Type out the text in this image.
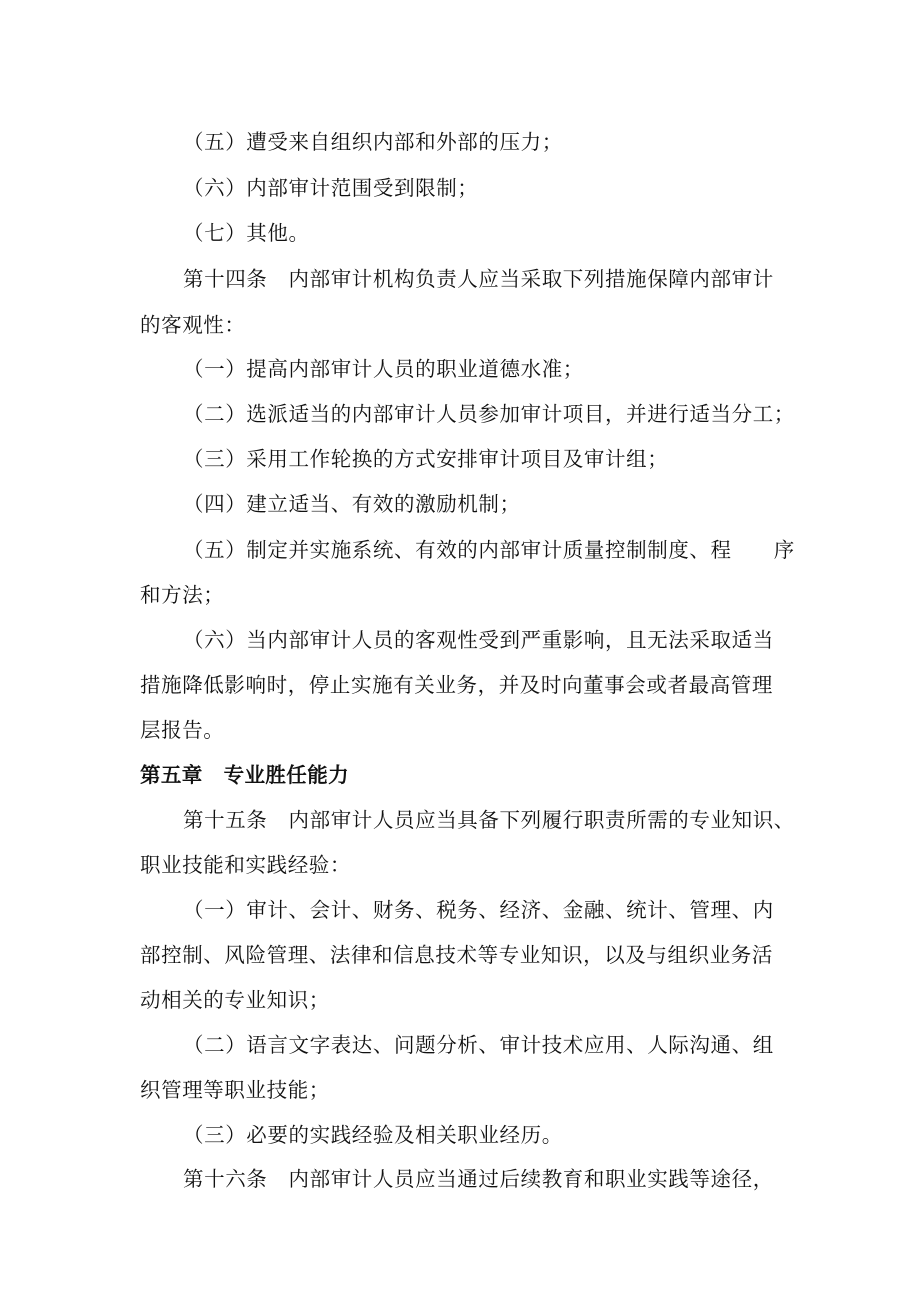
（五）遭受来自组织内部和外部的压力；
（六）内部审计范围受到限制；
（七）其他。
第十四条　内部审计机构负责人应当采取下列措施保障内部审计
的客观性：
（一）提高内部审计人员的职业道德水准；
（二）选派适当的内部审计人员参加审计项目，并进行适当分工；
（三）采用工作轮换的方式安排审计项目及审计组；
（四）建立适当、有效的激励机制；
（五）制定并实施系统、有效的内部审计质量控制制度、程　　序
和方法；
（六）当内部审计人员的客观性受到严重影响，且无法采取适当
措施降低影响时，停止实施有关业务，并及时向董事会或者最高管理
层报告。
第五章　专业胜任能力
第十五条　内部审计人员应当具备下列履行职责所需的专业知识、
职业技能和实践经验：
（一）审计、会计、财务、税务、经济、金融、统计、管理、内
部控制、风险管理、法律和信息技术等专业知识，以及与组织业务活
动相关的专业知识；
（二）语言文字表达、问题分析、审计技术应用、人际沟通、组
织管理等职业技能；
（三）必要的实践经验及相关职业经历。
第十六条　内部审计人员应当通过后续教育和职业实践等途径，
